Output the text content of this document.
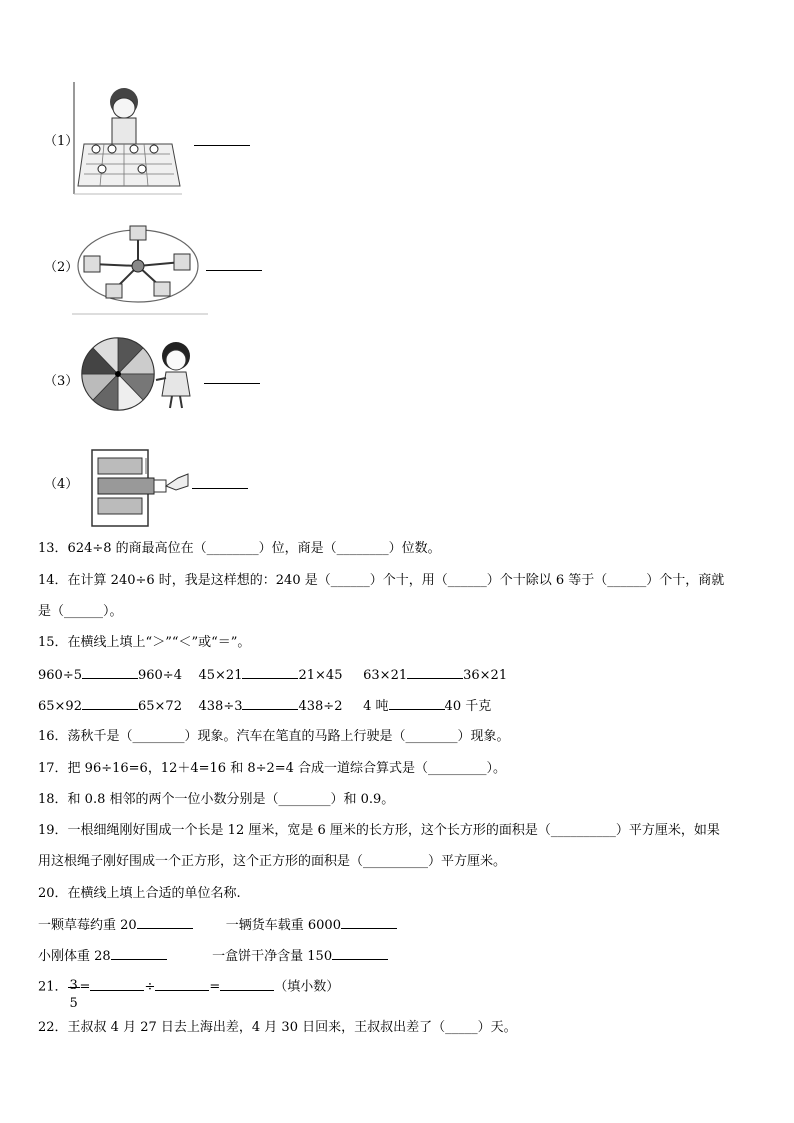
（1）
（2）
（3）
（4）
13．624÷8 的商最高位在（________）位，商是（________）位数。
14．在计算 240÷6 时，我是这样想的：240 是（______）个十，用（______）个十除以 6 等于（______）个十，商就
是（______）。
15．在横线上填上“＞”“＜”或“＝”。
960÷5	960÷4 45×21	21×45 63×21	36×21
65×92	65×72 438÷3	438÷2 4 吨	40 千克
16．荡秋千是（________）现象。汽车在笔直的马路上行驶是（________）现象。
17．把 96÷16=6，12＋4=16 和 8÷2=4 合成一道综合算式是（_________）。
18．和 0.8 相邻的两个一位小数分别是（________）和 0.9。
19．一根细绳刚好围成一个长是 12 厘米，宽是 6 厘米的长方形，这个长方形的面积是（__________）平方厘米，如果
用这根绳子刚好围成一个正方形，这个正方形的面积是（__________）平方厘米。
20．在横线上填上合适的单位名称.
一颗草莓约重 20	一辆货车载重 6000
小刚体重 28	一盒饼干净含量 150
21． 3
5
=	÷	=	（填小数）
22．王叔叔 4 月 27 日去上海出差，4 月 30 日回来，王叔叔出差了（_____）天。
